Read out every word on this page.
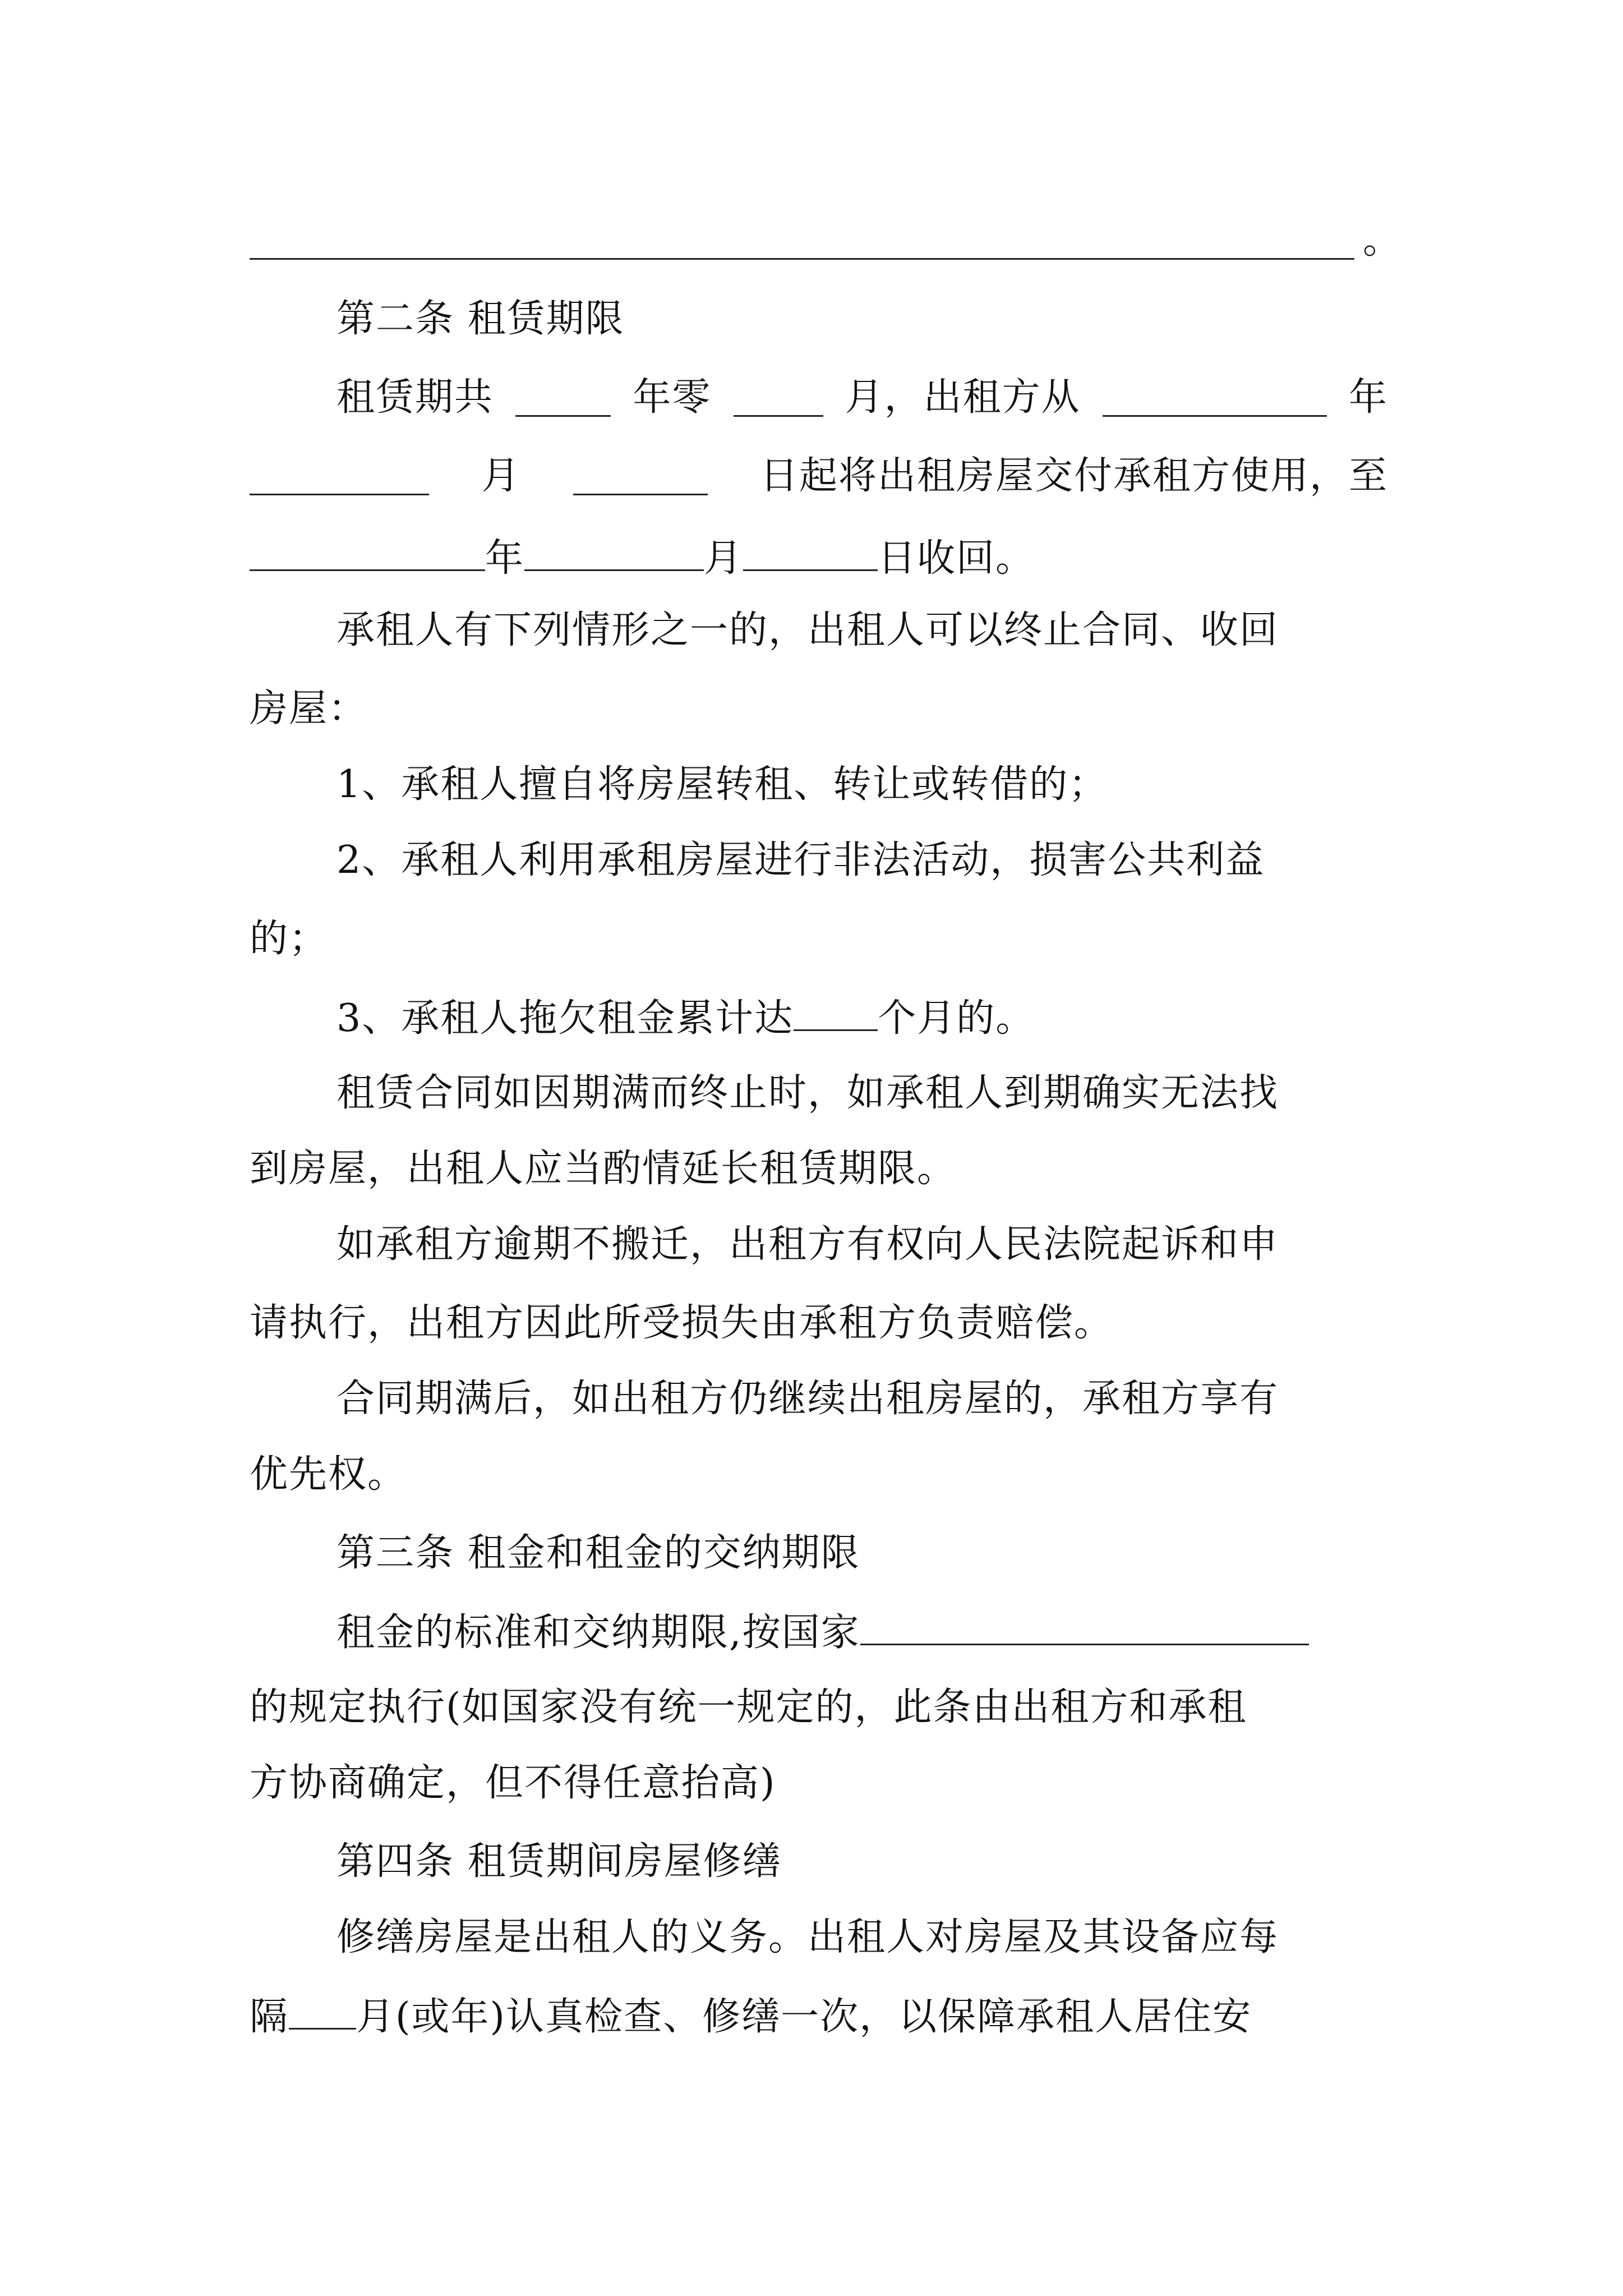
。
第二条 租赁期限
租赁期共	年零	月，出租方从	年
月	日起将出租房屋交付承租方使用，至
年	月	日收回。
承租人有下列情形之一的，出租人可以终止合同、收回
房屋：
1、承租人擅自将房屋转租、转让或转借的；
2、承租人利用承租房屋进行非法活动，损害公共利益
的；
3、承租人拖欠租金累计达 个月的。
租赁合同如因期满而终止时，如承租人到期确实无法找
到房屋，出租人应当酌情延长租赁期限。
如承租方逾期不搬迁，出租方有权向人民法院起诉和申
请执行，出租方因此所受损失由承租方负责赔偿。
合同期满后，如出租方仍继续出租房屋的，承租方享有
优先权。
第三条 租金和租金的交纳期限
租金的标准和交纳期限,按国家
的规定执行(如国家没有统一规定的，此条由出租方和承租
方协商确定，但不得任意抬高)
第四条 租赁期间房屋修缮
修缮房屋是出租人的义务。出租人对房屋及其设备应每
隔 月(或年)认真检查、修缮一次，以保障承租人居住安
